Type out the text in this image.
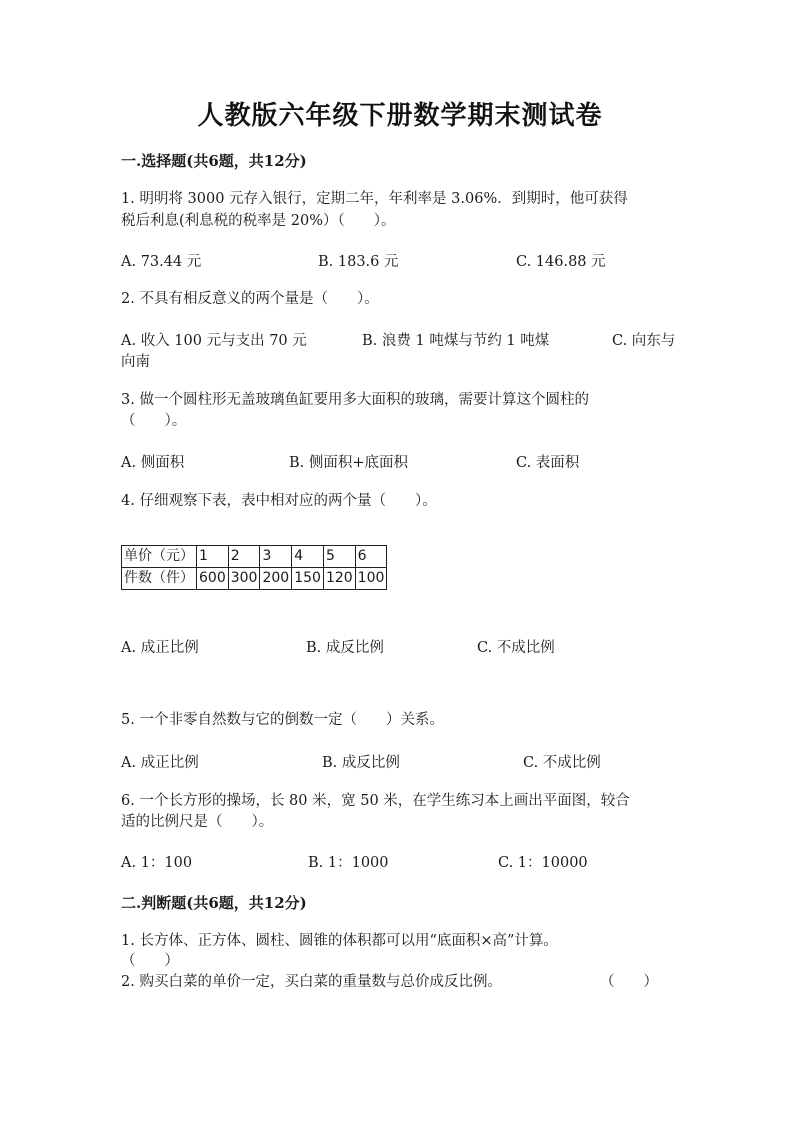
人教版六年级下册数学期末测试卷
一.选择题(共6题，共12分)
1. 明明将 3000 元存入银行，定期二年，年利率是 3.06%．到期时，他可获得
税后利息(利息税的税率是 20%）（　　）。
A. 73.44 元	B. 183.6 元	C. 146.88 元
2. 不具有相反意义的两个量是（　　）。
A. 收入 100 元与支出 70 元	B. 浪费 1 吨煤与节约 1 吨煤	C. 向东与
向南
3. 做一个圆柱形无盖玻璃鱼缸要用多大面积的玻璃，需要计算这个圆柱的
（　　）。
A. 侧面积	B. 侧面积+底面积	C. 表面积
4. 仔细观察下表，表中相对应的两个量（　　）。
单价（元）	1	2	3	4	5	6
件数（件）	600	300	200	150	120	100
A. 成正比例	B. 成反比例	C. 不成比例
5. 一个非零自然数与它的倒数一定（　　）关系。
A. 成正比例	B. 成反比例	C. 不成比例
6. 一个长方形的操场，长 80 米，宽 50 米，在学生练习本上画出平面图，较合
适的比例尺是（　　）。
A. 1：100	B. 1：1000	C. 1：10000
二.判断题(共6题，共12分)
1. 长方体、正方体、圆柱、圆锥的体积都可以用“底面积×高”计算。
（　　）
2. 购买白菜的单价一定，买白菜的重量数与总价成反比例。	（　　）
